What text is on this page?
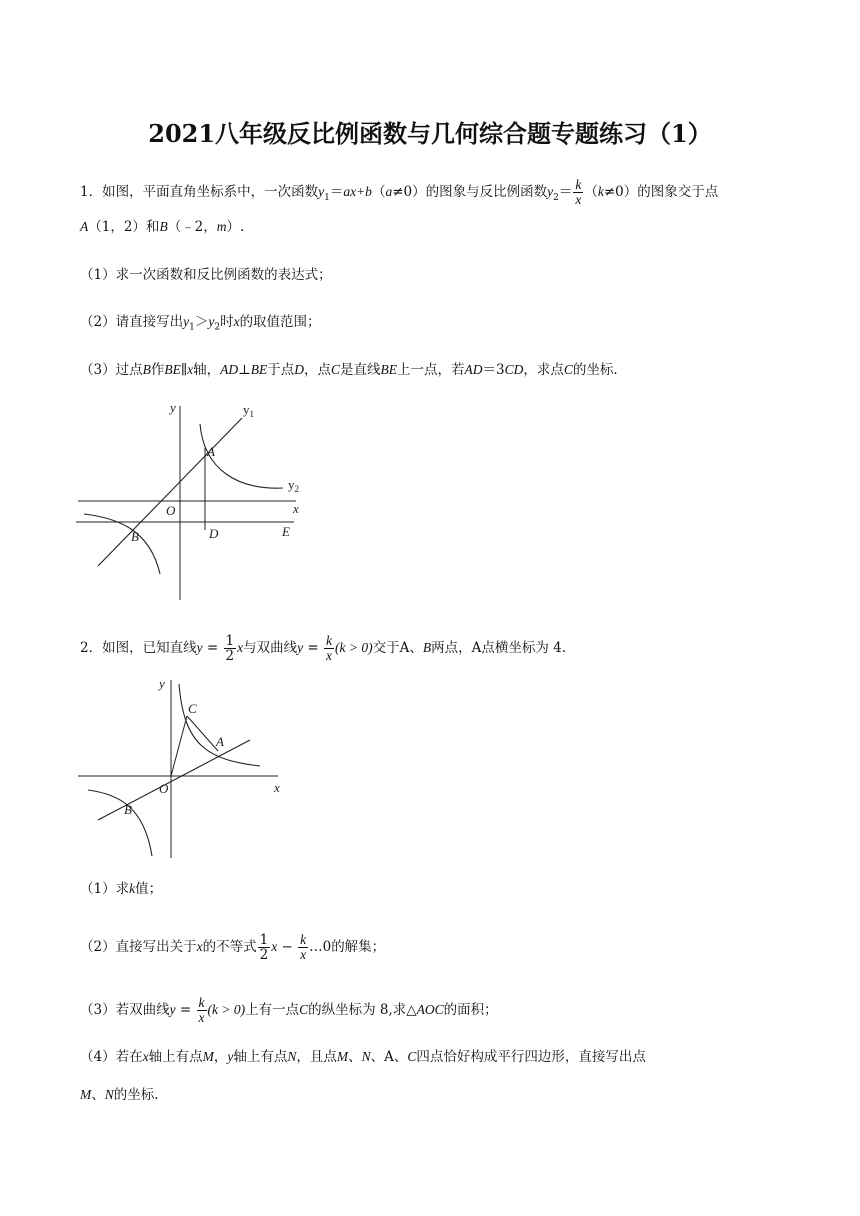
2021八年级反比例函数与几何综合题专题练习（1）
1．如图，平面直角坐标系中，一次函数$y_1=ax+b(a\ne 0)$的图象与反比例函数$y_2= \frac{k}{x} (k\ne 0)$的图象交于点
A（1，2）和B（﹣2，m）.
（1）求一次函数和反比例函数的表达式；
（2）请直接写出$y_1>y_2$时x的取值范围；
（3）过点B作BE∥x轴，AD⊥BE于点D，点C是直线BE上一点，若AD＝3CD，求点C的坐标．
y	$y_1$
A
$y_2$
O	x
B	D	E
2．如图，已知直线$y = \frac{1}{2}$ x与双曲线$y = \frac{k}{x} (k > 0)$交于A、B两点，A点横坐标为 4.
y
C
A
O	x
B
（1）求k值；
（2）直接写出关于x的不等式 $\frac{1}{2}$ $x - \frac{k}{x}$ …0的解集；
（3）若双曲线$y = \frac{k}{x} (k > 0)$上有一点C的纵坐标为 8,求△AOC的面积；
（4）若在x轴上有点M，y轴上有点N，且点M、N、A、C四点恰好构成平行四边形，直接写出点
M、N的坐标.
